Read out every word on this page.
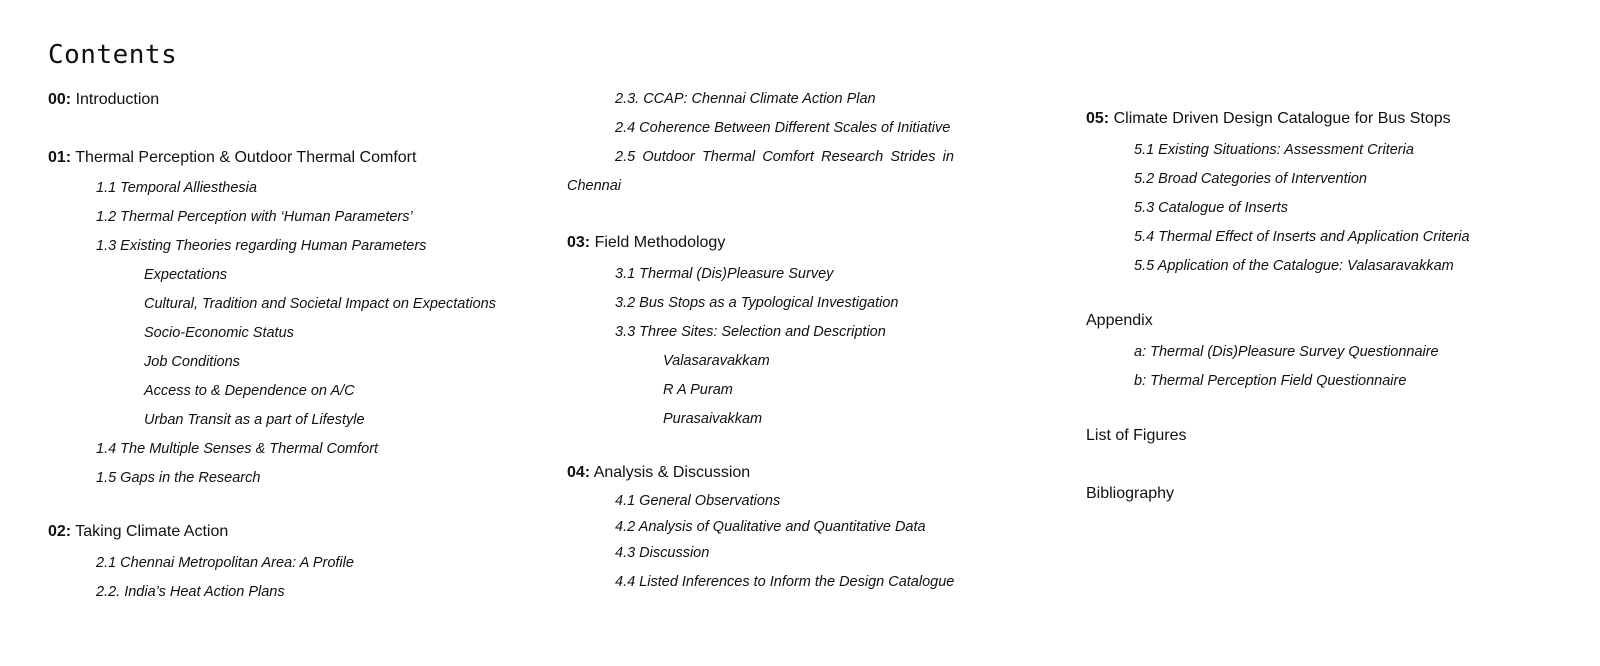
Contents
00: Introduction
01: Thermal Perception & Outdoor Thermal Comfort
1.1 Temporal Alliesthesia
1.2 Thermal Perception with ‘Human Parameters’
1.3 Existing Theories regarding Human Parameters
Expectations
Cultural, Tradition and Societal Impact on Expectations
Socio-Economic Status
Job Conditions
Access to & Dependence on A/C
Urban Transit as a part of Lifestyle
1.4 The Multiple Senses & Thermal Comfort
1.5 Gaps in the Research
02: Taking Climate Action
2.1 Chennai Metropolitan Area: A Profile
2.2. India’s Heat Action Plans
2.3. CCAP: Chennai Climate Action Plan
2.4 Coherence Between Different Scales of Initiative
2.5 Outdoor Thermal Comfort Research Strides in
Chennai
03: Field Methodology
3.1 Thermal (Dis)Pleasure Survey
3.2 Bus Stops as a Typological Investigation
3.3 Three Sites: Selection and Description
Valasaravakkam
R A Puram
Purasaivakkam
04: Analysis & Discussion
4.1 General Observations
4.2 Analysis of Qualitative and Quantitative Data
4.3 Discussion
4.4 Listed Inferences to Inform the Design Catalogue
05: Climate Driven Design Catalogue for Bus Stops
5.1 Existing Situations: Assessment Criteria
5.2 Broad Categories of Intervention
5.3 Catalogue of Inserts
5.4 Thermal Effect of Inserts and Application Criteria
5.5 Application of the Catalogue: Valasaravakkam
Appendix
a: Thermal (Dis)Pleasure Survey Questionnaire
b: Thermal Perception Field Questionnaire
List of Figures
Bibliography
